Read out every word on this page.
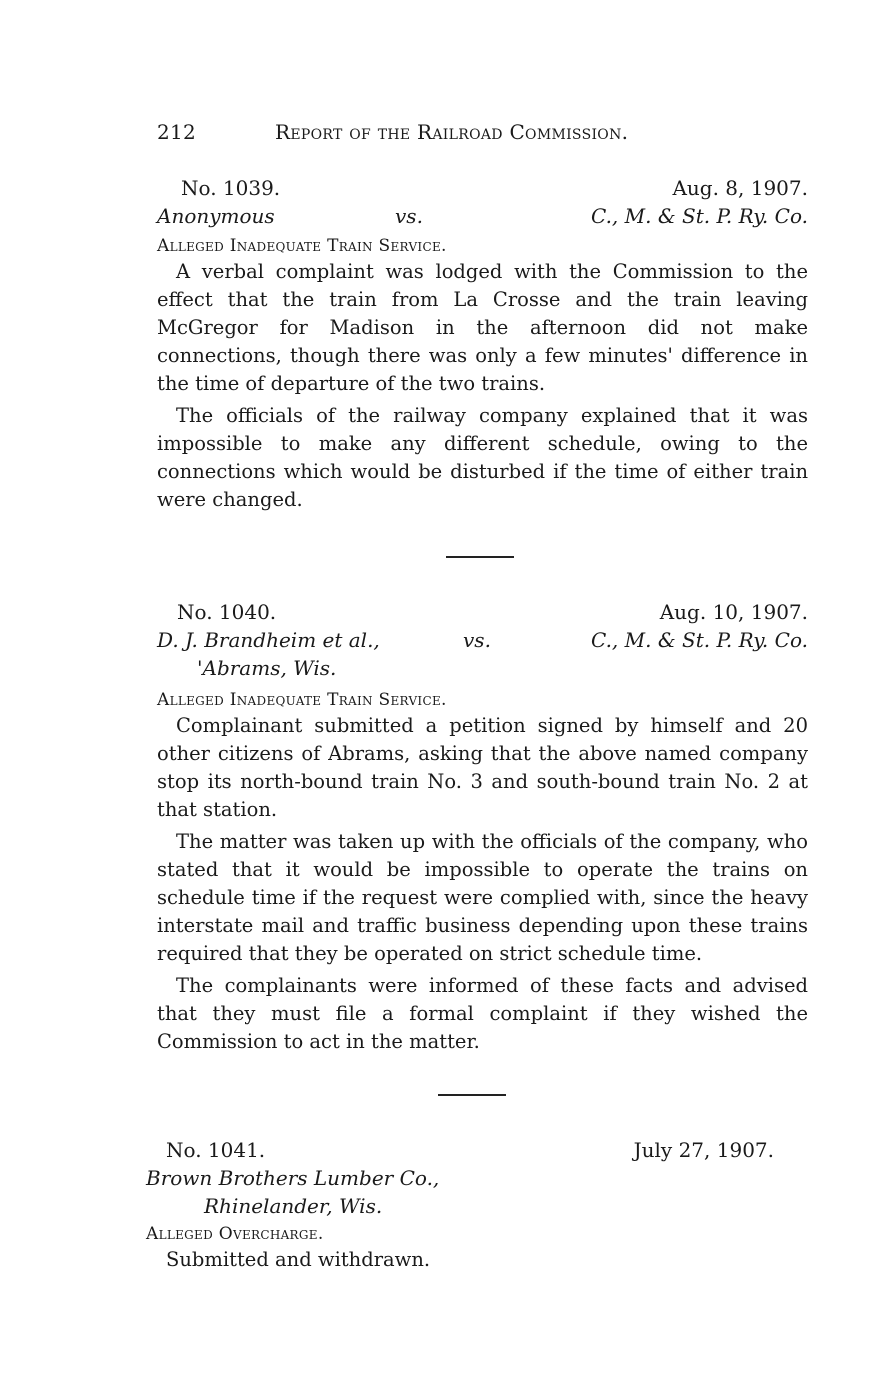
212	Report of the Railroad Commission.
No. 1039.	Aug. 8, 1907.
Anonymous	vs.	C., M. & St. P. Ry. Co.
Alleged Inadequate Train Service.

A verbal complaint was lodged with the Commission to the effect that the train from La Crosse and the train leaving McGregor for Madison in the afternoon did not make connections, though there was only a few minutes' difference in the time of departure of the two trains.

The officials of the railway company explained that it was impossible to make any different schedule, owing to the connections which would be disturbed if the time of either train were changed.

No. 1040.	Aug. 10, 1907.
D. J. Brandheim et al.,	vs.	C., M. & St. P. Ry. Co.
'Abrams, Wis.
Alleged Inadequate Train Service.

Complainant submitted a petition signed by himself and 20 other citizens of Abrams, asking that the above named company stop its north-bound train No. 3 and south-bound train No. 2 at that station.

The matter was taken up with the officials of the company, who stated that it would be impossible to operate the trains on schedule time if the request were complied with, since the heavy interstate mail and traffic business depending upon these trains required that they be operated on strict schedule time.

The complainants were informed of these facts and advised that they must file a formal complaint if they wished the Commission to act in the matter.

No. 1041.	July 27, 1907.
Brown Brothers Lumber Co.,
Rhinelander, Wis.
Alleged Overcharge.

Submitted and withdrawn.
